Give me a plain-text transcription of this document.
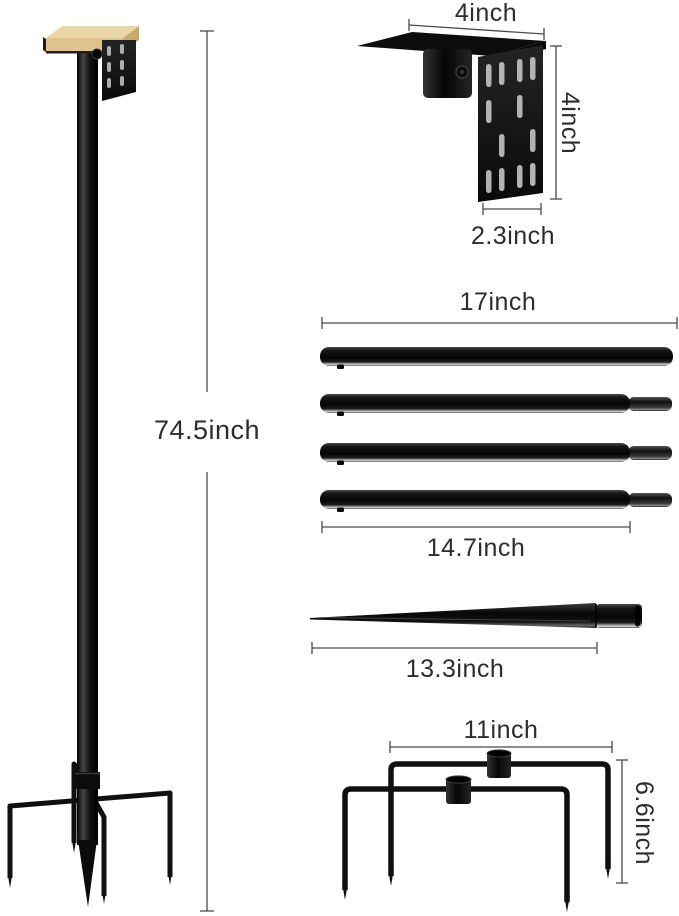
74.5inch
4inch
4inch
2.3inch
17inch
14.7inch
13.3inch
11inch
6.6inch
